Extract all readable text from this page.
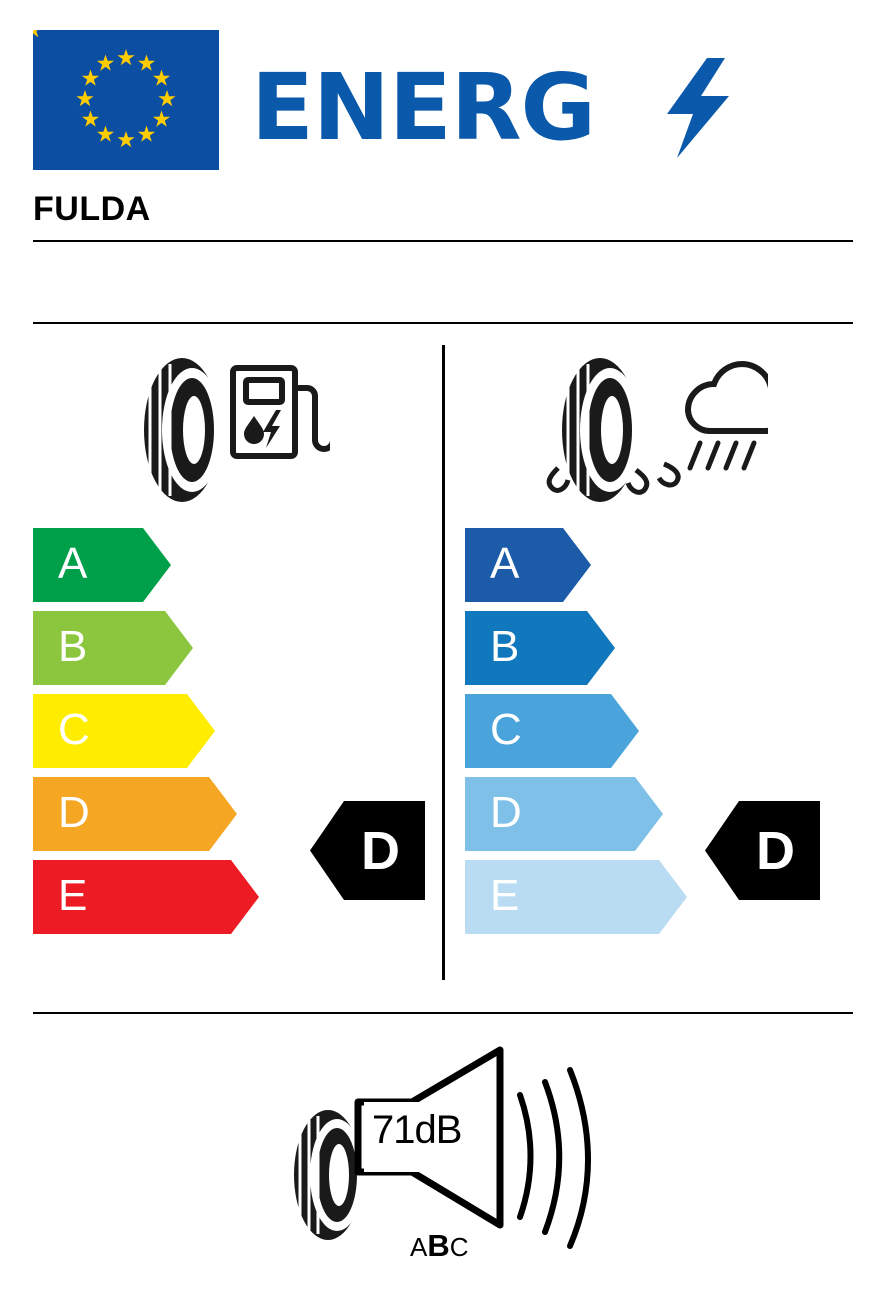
ENERG
FULDA
A
B
C
D
E
A
B
C
D
E
D	D
71dB
ABC
